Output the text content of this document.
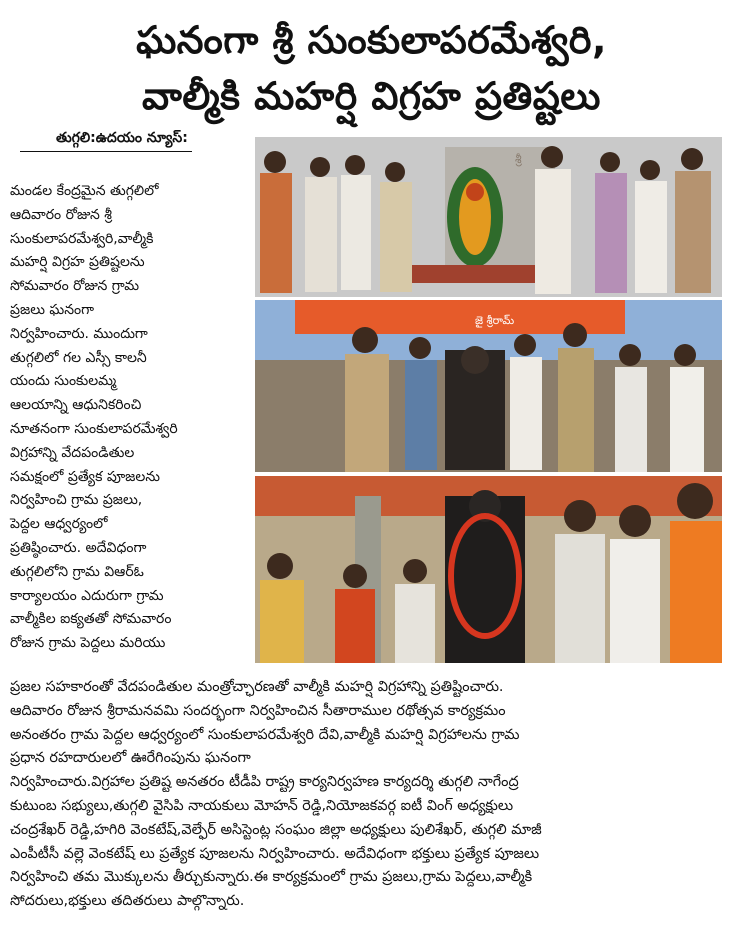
ఘనంగా శ్రీ సుంకులాపరమేశ్వరి,
వాల్మీకి మహర్షి విగ్రహ ప్రతిష్టలు
తుగ్గలి:ఉదయం న్యూస్:

మండల కేంద్రమైన తుగ్గలిలో

ఆదివారం రోజున శ్రీ

సుంకులాపరమేశ్వరి,వాల్మీకి

మహర్షి విగ్రహ ప్రతిష్టలను

సోమవారం రోజున గ్రామ

ప్రజలు ఘనంగా

నిర్వహించారు. ముందుగా

తుగ్గలిలో గల ఎస్సీ కాలనీ

యందు సుంకులమ్మ

ఆలయాన్ని ఆధునికరించి

నూతనంగా సుంకులాపరమేశ్వరి

విగ్రహాన్ని వేదపండితుల

సమక్షంలో ప్రత్యేక పూజలను

నిర్వహించి గ్రామ ప్రజలు,

పెద్దల ఆధ్వర్యంలో

ప్రతిష్ఠించారు. అదేవిధంగా

తుగ్గలిలోని గ్రామ విఆర్ఓ

కార్యాలయం ఎదురుగా గ్రామ

వాల్మీకిల ఐక్యతతో సోమవారం

రోజున గ్రామ పెద్దలు మరియు

ప్రజల సహకారంతో వేదపండితుల మంత్రోచ్ఛారణతో వాల్మీకి మహర్షి విగ్రహాన్ని ప్రతిష్టించారు.

ఆదివారం రోజున శ్రీరామనవమి సందర్భంగా నిర్వహించిన సీతారాముల రథోత్సవ కార్యక్రమం

అనంతరం గ్రామ పెద్దల ఆధ్వర్యంలో సుంకులాపరమేశ్వరి దేవి,వాల్మీకి మహర్షి విగ్రహాలను గ్రామ

ప్రధాన రహదారులలో ఊరేగింపును ఘనంగా

నిర్వహించారు.విగ్రహాల ప్రతిష్ట అనతరం టీడీపి రాష్ట్ర కార్యనిర్వహణ కార్యదర్శి తుగ్గలి నాగేంద్ర

కుటుంబ సభ్యులు,తుగ్గలి వైసిపి నాయకులు మోహన్ రెడ్డి,నియోజకవర్గ ఐటీ వింగ్ అధ్యక్షులు

చంద్రశేఖర్ రెడ్డి,హగిరి వెంకటేష్,వెల్ఫేర్ అసిస్టెంట్ల సంఘం జిల్లా అధ్యక్షులు పులిశేఖర్, తుగ్గలి మాజీ

ఎంపీటీసీ వల్లె వెంకటేష్ లు ప్రత్యేక పూజలను నిర్వహించారు. అదేవిధంగా భక్తులు ప్రత్యేక పూజలు

నిర్వహించి తమ మొక్కులను తీర్చుకున్నారు.ఈ కార్యక్రమంలో గ్రామ ప్రజలు,గ్రామ పెద్దలు,వాల్మీకి

సోదరులు,భక్తులు తదితరులు పాల్గొన్నారు.

శ్రీ
జై శ్రీరామ్
